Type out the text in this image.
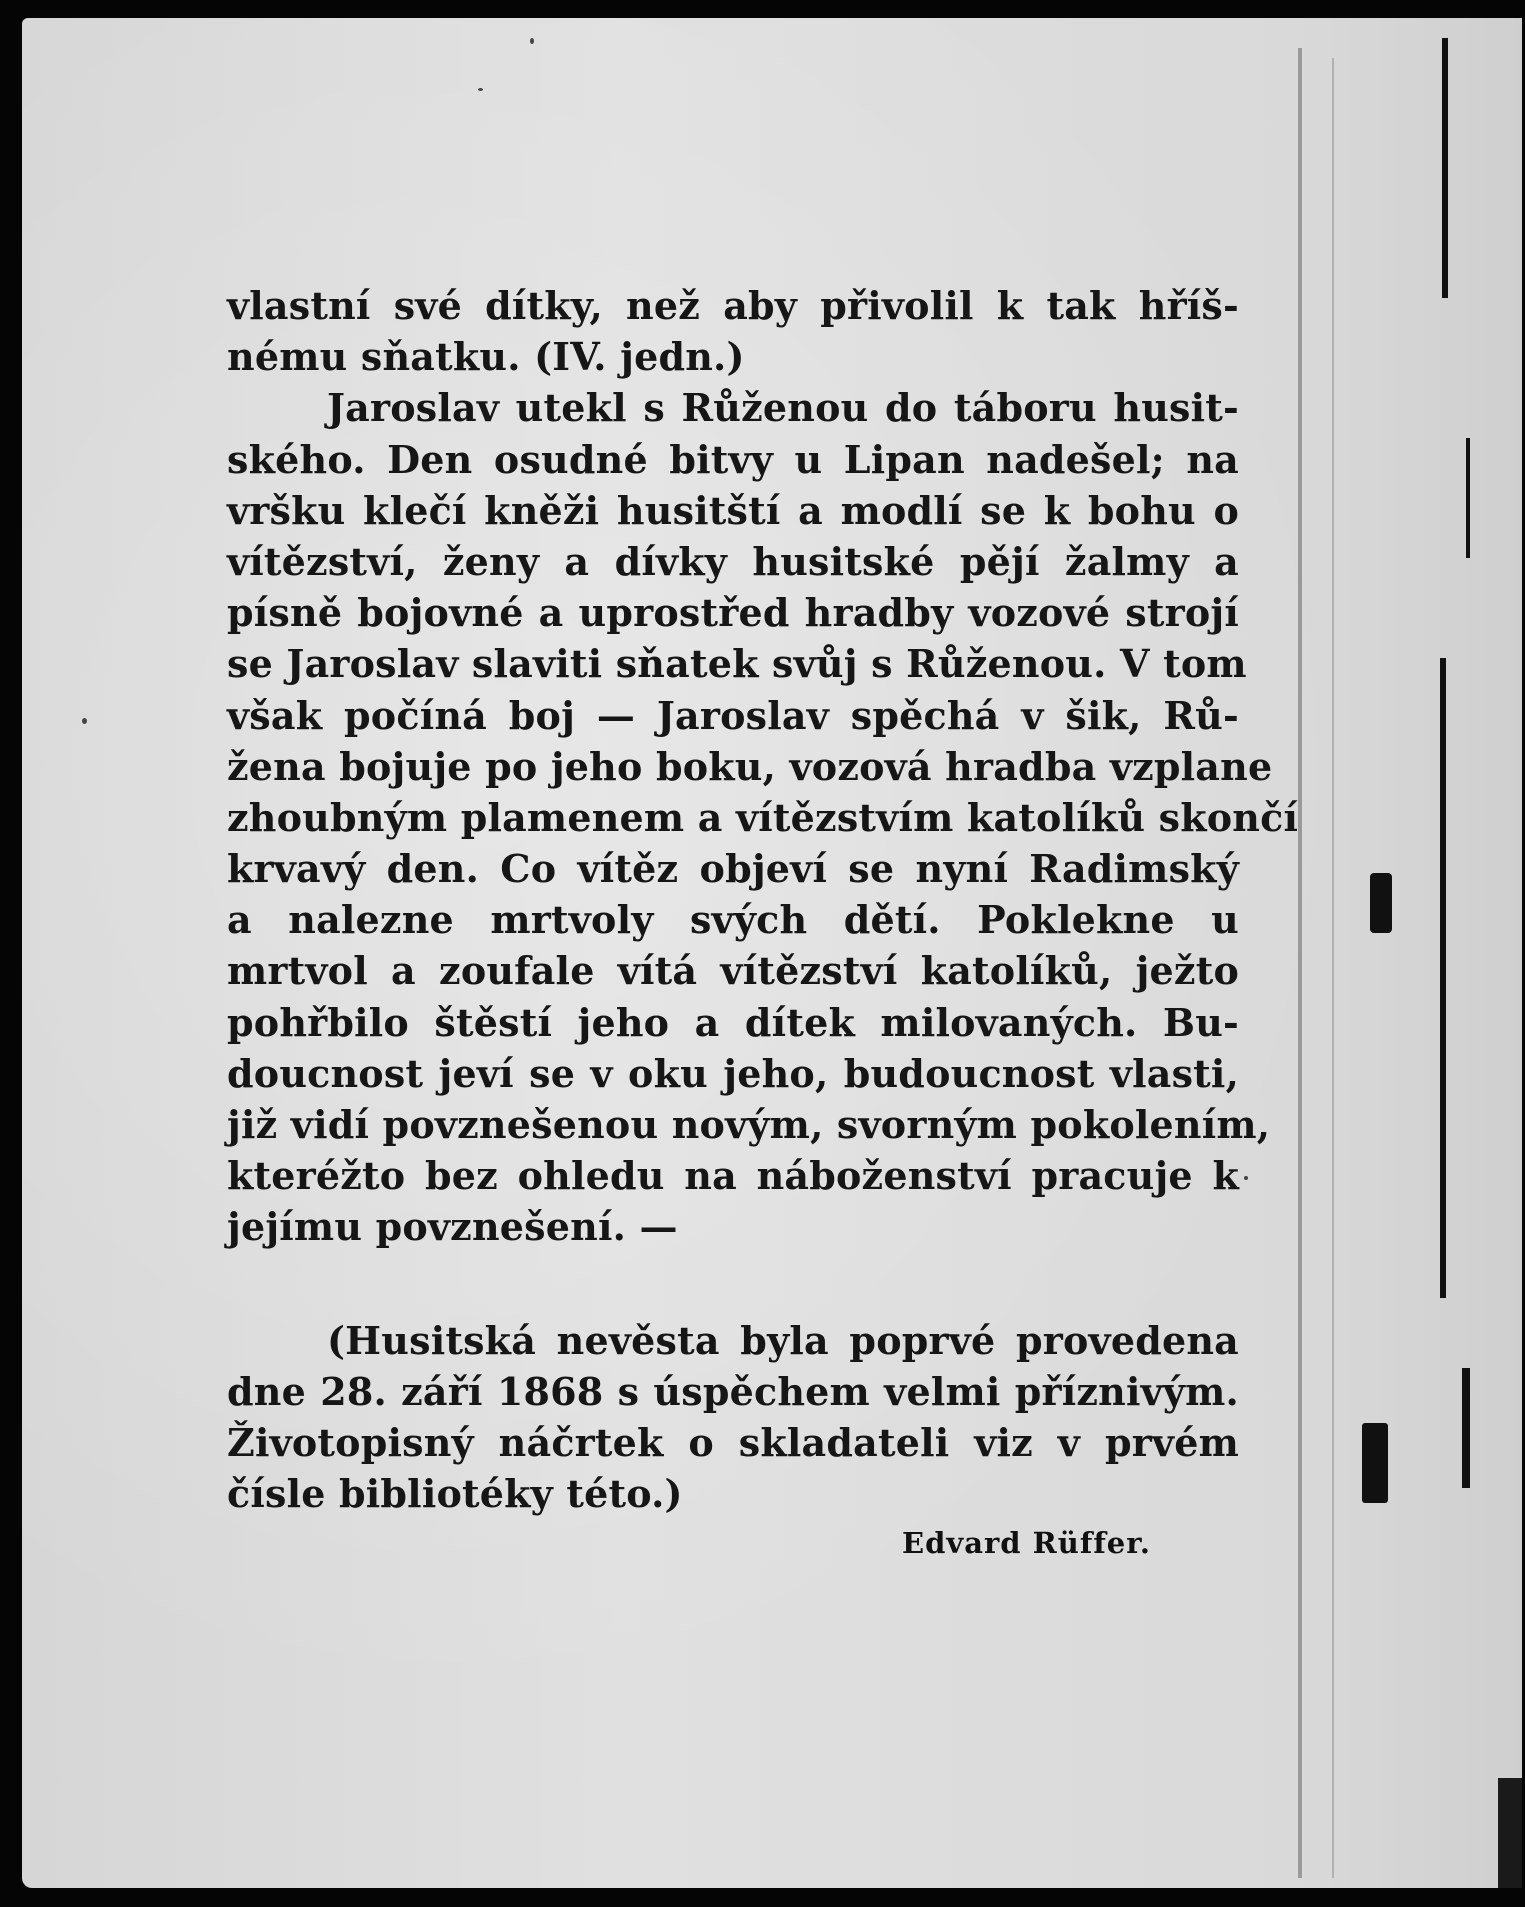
vlastní své dítky, než aby přivolil k tak hříš-
nému sňatku. (IV. jedn.)
Jaroslav utekl s Růženou do táboru husit-
ského. Den osudné bitvy u Lipan nadešel; na
vršku klečí kněži husitští a modlí se k bohu o
vítězství, ženy a dívky husitské pějí žalmy a
písně bojovné a uprostřed hradby vozové strojí
se Jaroslav slaviti sňatek svůj s Růženou. V tom
však počíná boj — Jaroslav spěchá v šik, Rů-
žena bojuje po jeho boku, vozová hradba vzplane
zhoubným plamenem a vítězstvím katolíků skončí
krvavý den. Co vítěz objeví se nyní Radimský
a nalezne mrtvoly svých dětí. Poklekne u
mrtvol a zoufale vítá vítězství katolíků, ježto
pohřbilo štěstí jeho a dítek milovaných. Bu-
doucnost jeví se v oku jeho, budoucnost vlasti,
již vidí povznešenou novým, svorným pokolením,
kteréžto bez ohledu na náboženství pracuje k
jejímu povznešení. —
(Husitská nevěsta byla poprvé provedena
dne 28. září 1868 s úspěchem velmi příznivým.
Životopisný náčrtek o skladateli viz v prvém
čísle bibliotéky této.)
Edvard Rüffer.
